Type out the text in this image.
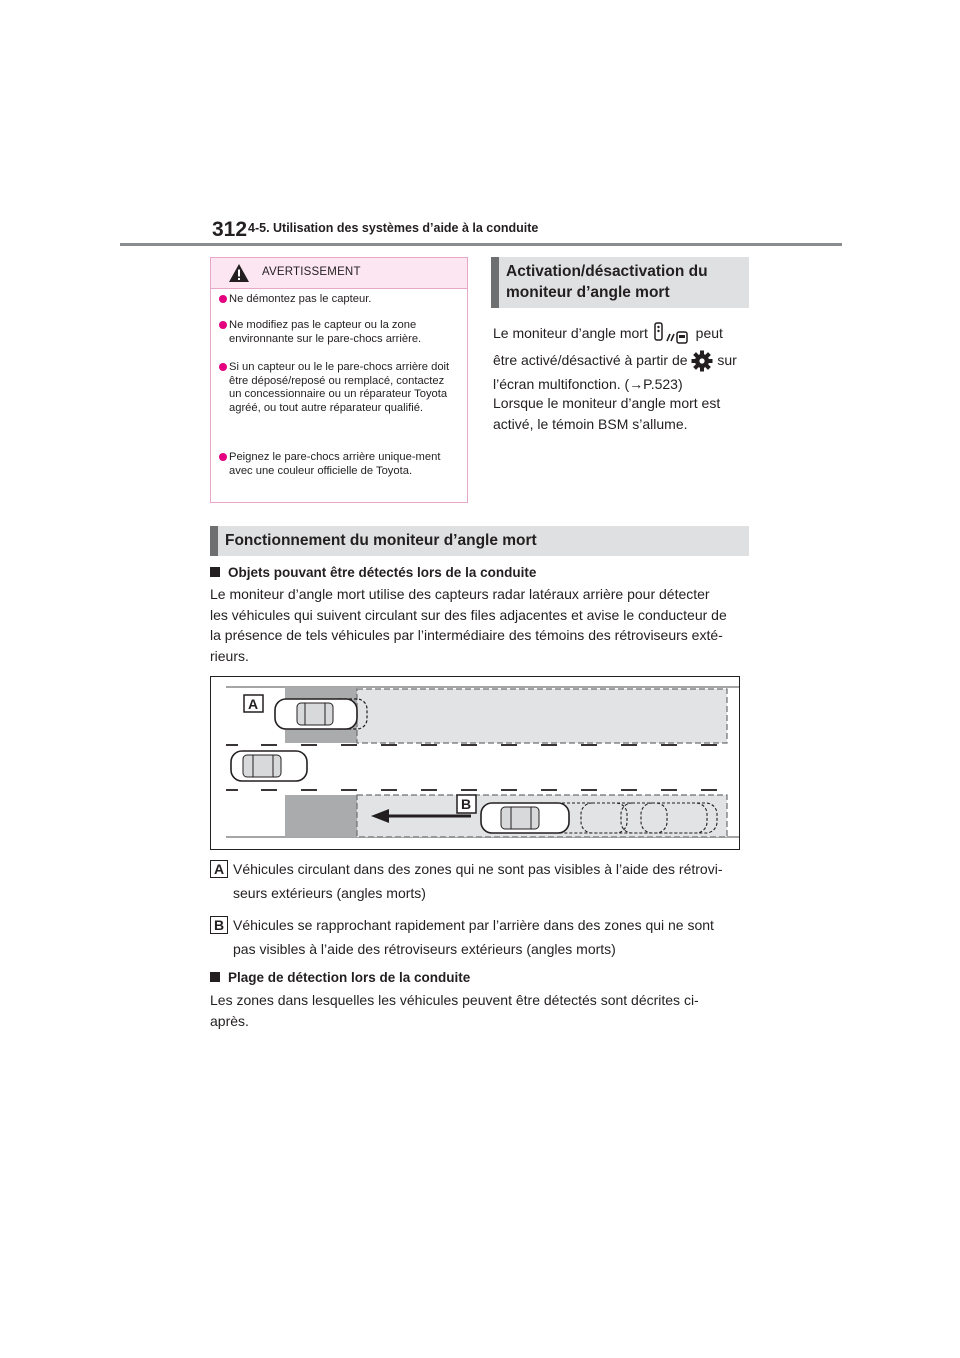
312 4-5. Utilisation des systèmes d’aide à la conduite
AVERTISSEMENT
Ne démontez pas le capteur.
Ne modifiez pas le capteur ou la zone environnante sur le pare-chocs arrière.
Si un capteur ou le le pare-chocs arrière doit être déposé/reposé ou remplacé, contactez un concessionnaire ou un réparateur Toyota agréé, ou tout autre réparateur qualifié.
Peignez le pare-chocs arrière unique-ment avec une couleur officielle de Toyota.
Activation/désactivation du
moniteur d’angle mort
Le moniteur d’angle mort	peut
être activé/désactivé à partir de sur
l’écran multifonction. (→P.523)
Lorsque le moniteur d’angle mort est
activé, le témoin BSM s’allume.
Fonctionnement du moniteur d’angle mort
Objets pouvant être détectés lors de la conduite
Le moniteur d’angle mort utilise des capteurs radar latéraux arrière pour détecter
les véhicules qui suivent circulant sur des files adjacentes et avise le conducteur de
la présence de tels véhicules par l’intermédiaire des témoins des rétroviseurs exté-
rieurs.
A
B
A Véhicules circulant dans des zones qui ne sont pas visibles à l’aide des rétrovi-
seurs extérieurs (angles morts)
B Véhicules se rapprochant rapidement par l’arrière dans des zones qui ne sont
pas visibles à l’aide des rétroviseurs extérieurs (angles morts)
Plage de détection lors de la conduite
Les zones dans lesquelles les véhicules peuvent être détectés sont décrites ci-
après.
